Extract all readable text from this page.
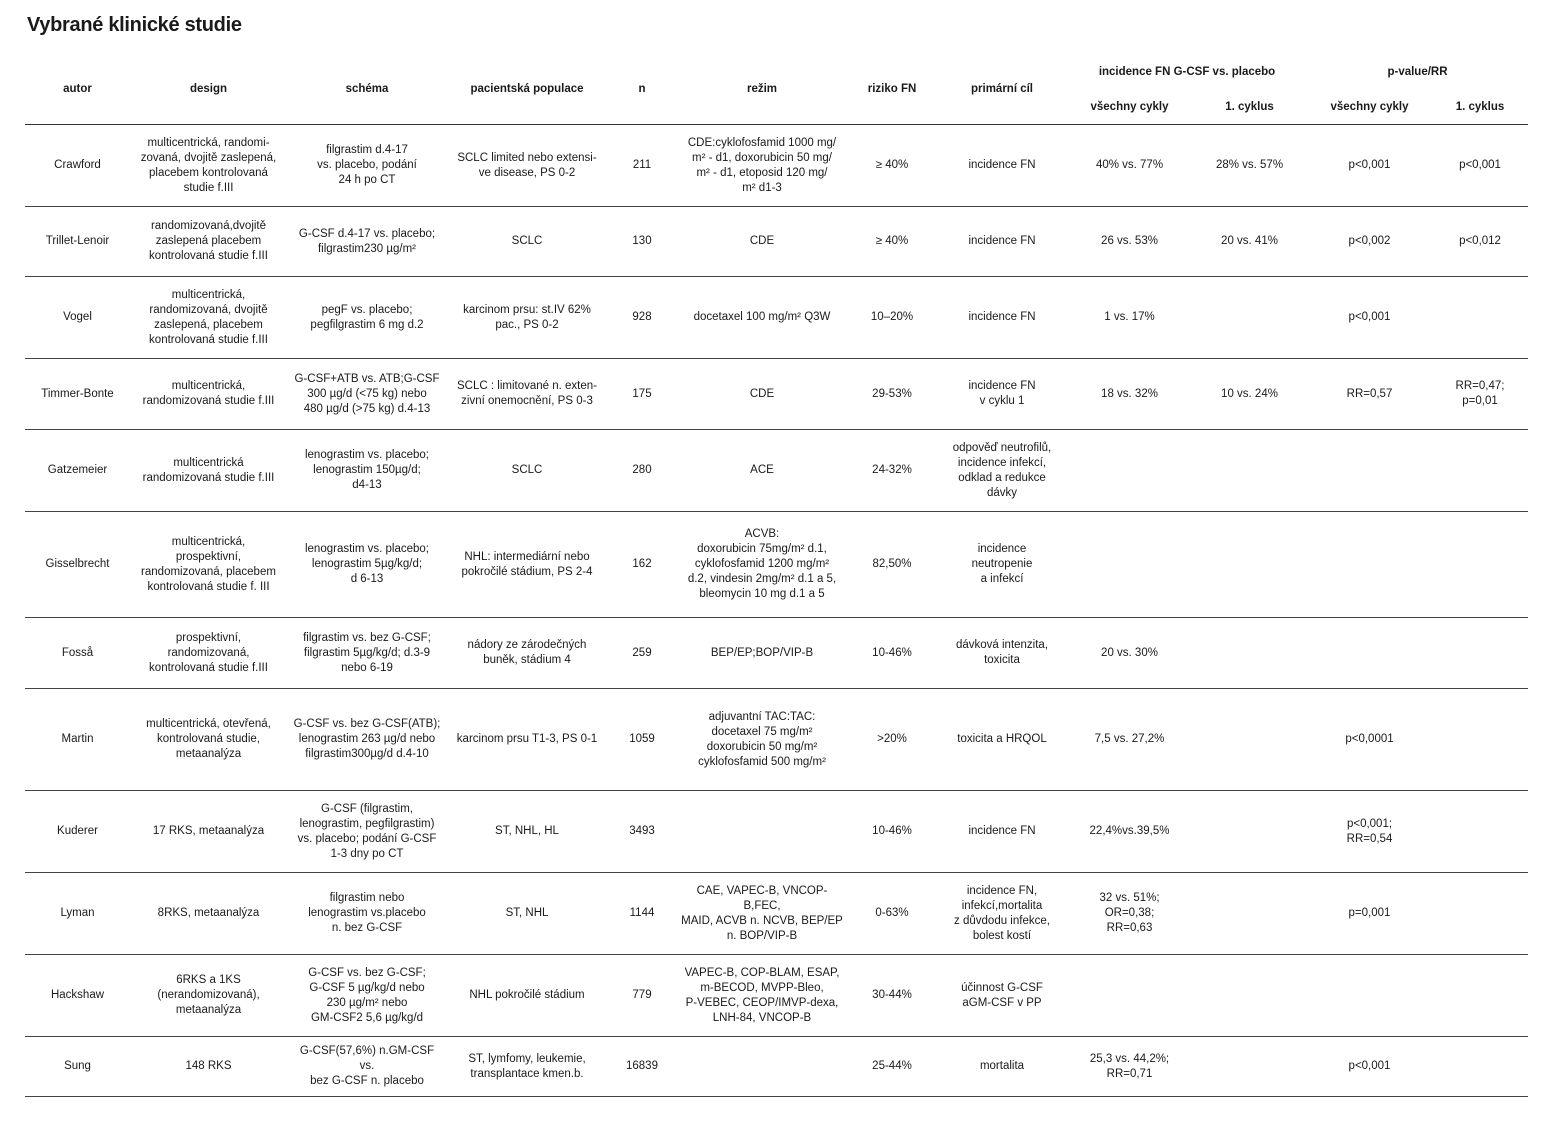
Vybrané klinické studie
autor	design	schéma	pacientská populace	n	režim	riziko FN	primární cíl	incidence FN G-CSF vs. placebo		p-value/RR	
								všechny cykly	1. cyklus	všechny cykly	1. cyklus
Crawford	multicentrická, randomi-
zovaná, dvojitě zaslepená,
placebem kontrolovaná
studie f.III	filgrastim d.4-17
vs. placebo, podání
24 h po CT	SCLC limited nebo extensi-
ve disease, PS 0-2	211	CDE:cyklofosfamid 1000 mg/
m² - d1, doxorubicin 50 mg/
m² - d1, etoposid 120 mg/
m² d1-3	≥ 40%	incidence FN	40% vs. 77%	28% vs. 57%	p<0,001	p<0,001
Trillet-Lenoir	randomizovaná,dvojitě
zaslepená placebem
kontrolovaná studie f.III	G-CSF d.4-17 vs. placebo;
filgrastim230 µg/m²	SCLC	130	CDE	≥ 40%	incidence FN	26 vs. 53%	20 vs. 41%	p<0,002	p<0,012
Vogel	multicentrická,
randomizovaná, dvojitě
zaslepená, placebem
kontrolovaná studie f.III	pegF vs. placebo;
pegfilgrastim 6 mg d.2	karcinom prsu: st.IV 62%
pac., PS 0-2	928	docetaxel 100 mg/m² Q3W	10–20%	incidence FN	1 vs. 17%		p<0,001	
Timmer-Bonte	multicentrická,
randomizovaná studie f.III	G-CSF+ATB vs. ATB;G-CSF
300 µg/d (<75 kg) nebo
480 µg/d (>75 kg) d.4-13	SCLC : limitované n. exten-
zivní onemocnění, PS 0-3	175	CDE	29-53%	incidence FN
v cyklu 1	18 vs. 32%	10 vs. 24%	RR=0,57	RR=0,47;
p=0,01
Gatzemeier	multicentrická
randomizovaná studie f.III	lenograstim vs. placebo;
lenograstim 150µg/d;
d4-13	SCLC	280	ACE	24-32%	odpověď neutrofilů,
incidence infekcí,
odklad a redukce
dávky				
Gisselbrecht	multicentrická,
prospektivní,
randomizovaná, placebem
kontrolovaná studie f. III	lenograstim vs. placebo;
lenograstim 5µg/kg/d;
d 6-13	NHL: intermediární nebo
pokročilé stádium, PS 2-4	162	ACVB:
doxorubicin 75mg/m² d.1,
cyklofosfamid 1200 mg/m²
d.2, vindesin 2mg/m² d.1 a 5,
bleomycin 10 mg d.1 a 5	82,50%	incidence
neutropenie
a infekcí				
Fosså	prospektivní,
randomizovaná,
kontrolovaná studie f.III	filgrastim vs. bez G-CSF;
filgrastim 5µg/kg/d; d.3-9
nebo 6-19	nádory ze zárodečných
buněk, stádium 4	259	BEP/EP;BOP/VIP-B	10-46%	dávková intenzita,
toxicita	20 vs. 30%			
Martin	multicentrická, otevřená,
kontrolovaná studie,
metaanalýza	G-CSF vs. bez G-CSF(ATB);
lenograstim 263 µg/d nebo
filgrastim300µg/d d.4-10	karcinom prsu T1-3, PS 0-1	1059	adjuvantní TAC:TAC:
docetaxel 75 mg/m²
doxorubicin 50 mg/m²
cyklofosfamid 500 mg/m²	>20%	toxicita a HRQOL	7,5 vs. 27,2%		p<0,0001	
Kuderer	17 RKS, metaanalýza	G-CSF (filgrastim,
lenograstim, pegfilgrastim)
vs. placebo; podání G-CSF
1-3 dny po CT	ST, NHL, HL	3493		10-46%	incidence FN	22,4%vs.39,5%		p<0,001;
RR=0,54	
Lyman	8RKS, metaanalýza	filgrastim nebo
lenograstim vs.placebo
n. bez G-CSF	ST, NHL	1144	CAE, VAPEC-B, VNCOP-B,FEC,
MAID, ACVB n. NCVB, BEP/EP
n. BOP/VIP-B	0-63%	incidence FN,
infekcí,mortalita
z důvdodu infekce,
bolest kostí	32 vs. 51%;
OR=0,38;
RR=0,63		p=0,001	
Hackshaw	6RKS a 1KS
(nerandomizovaná),
metaanalýza	G-CSF vs. bez G-CSF;
G-CSF 5 µg/kg/d nebo
230 µg/m² nebo
GM-CSF2 5,6 µg/kg/d	NHL pokročilé stádium	779	VAPEC-B, COP-BLAM, ESAP,
m-BECOD, MVPP-Bleo,
P-VEBEC, CEOP/IMVP-dexa,
LNH-84, VNCOP-B	30-44%	účinnost G-CSF
aGM-CSF v PP				
Sung	148 RKS	G-CSF(57,6%) n.GM-CSF vs.
bez G-CSF n. placebo	ST, lymfomy, leukemie,
transplantace kmen.b.	16839		25-44%	mortalita	25,3 vs. 44,2%;
RR=0,71		p<0,001	
